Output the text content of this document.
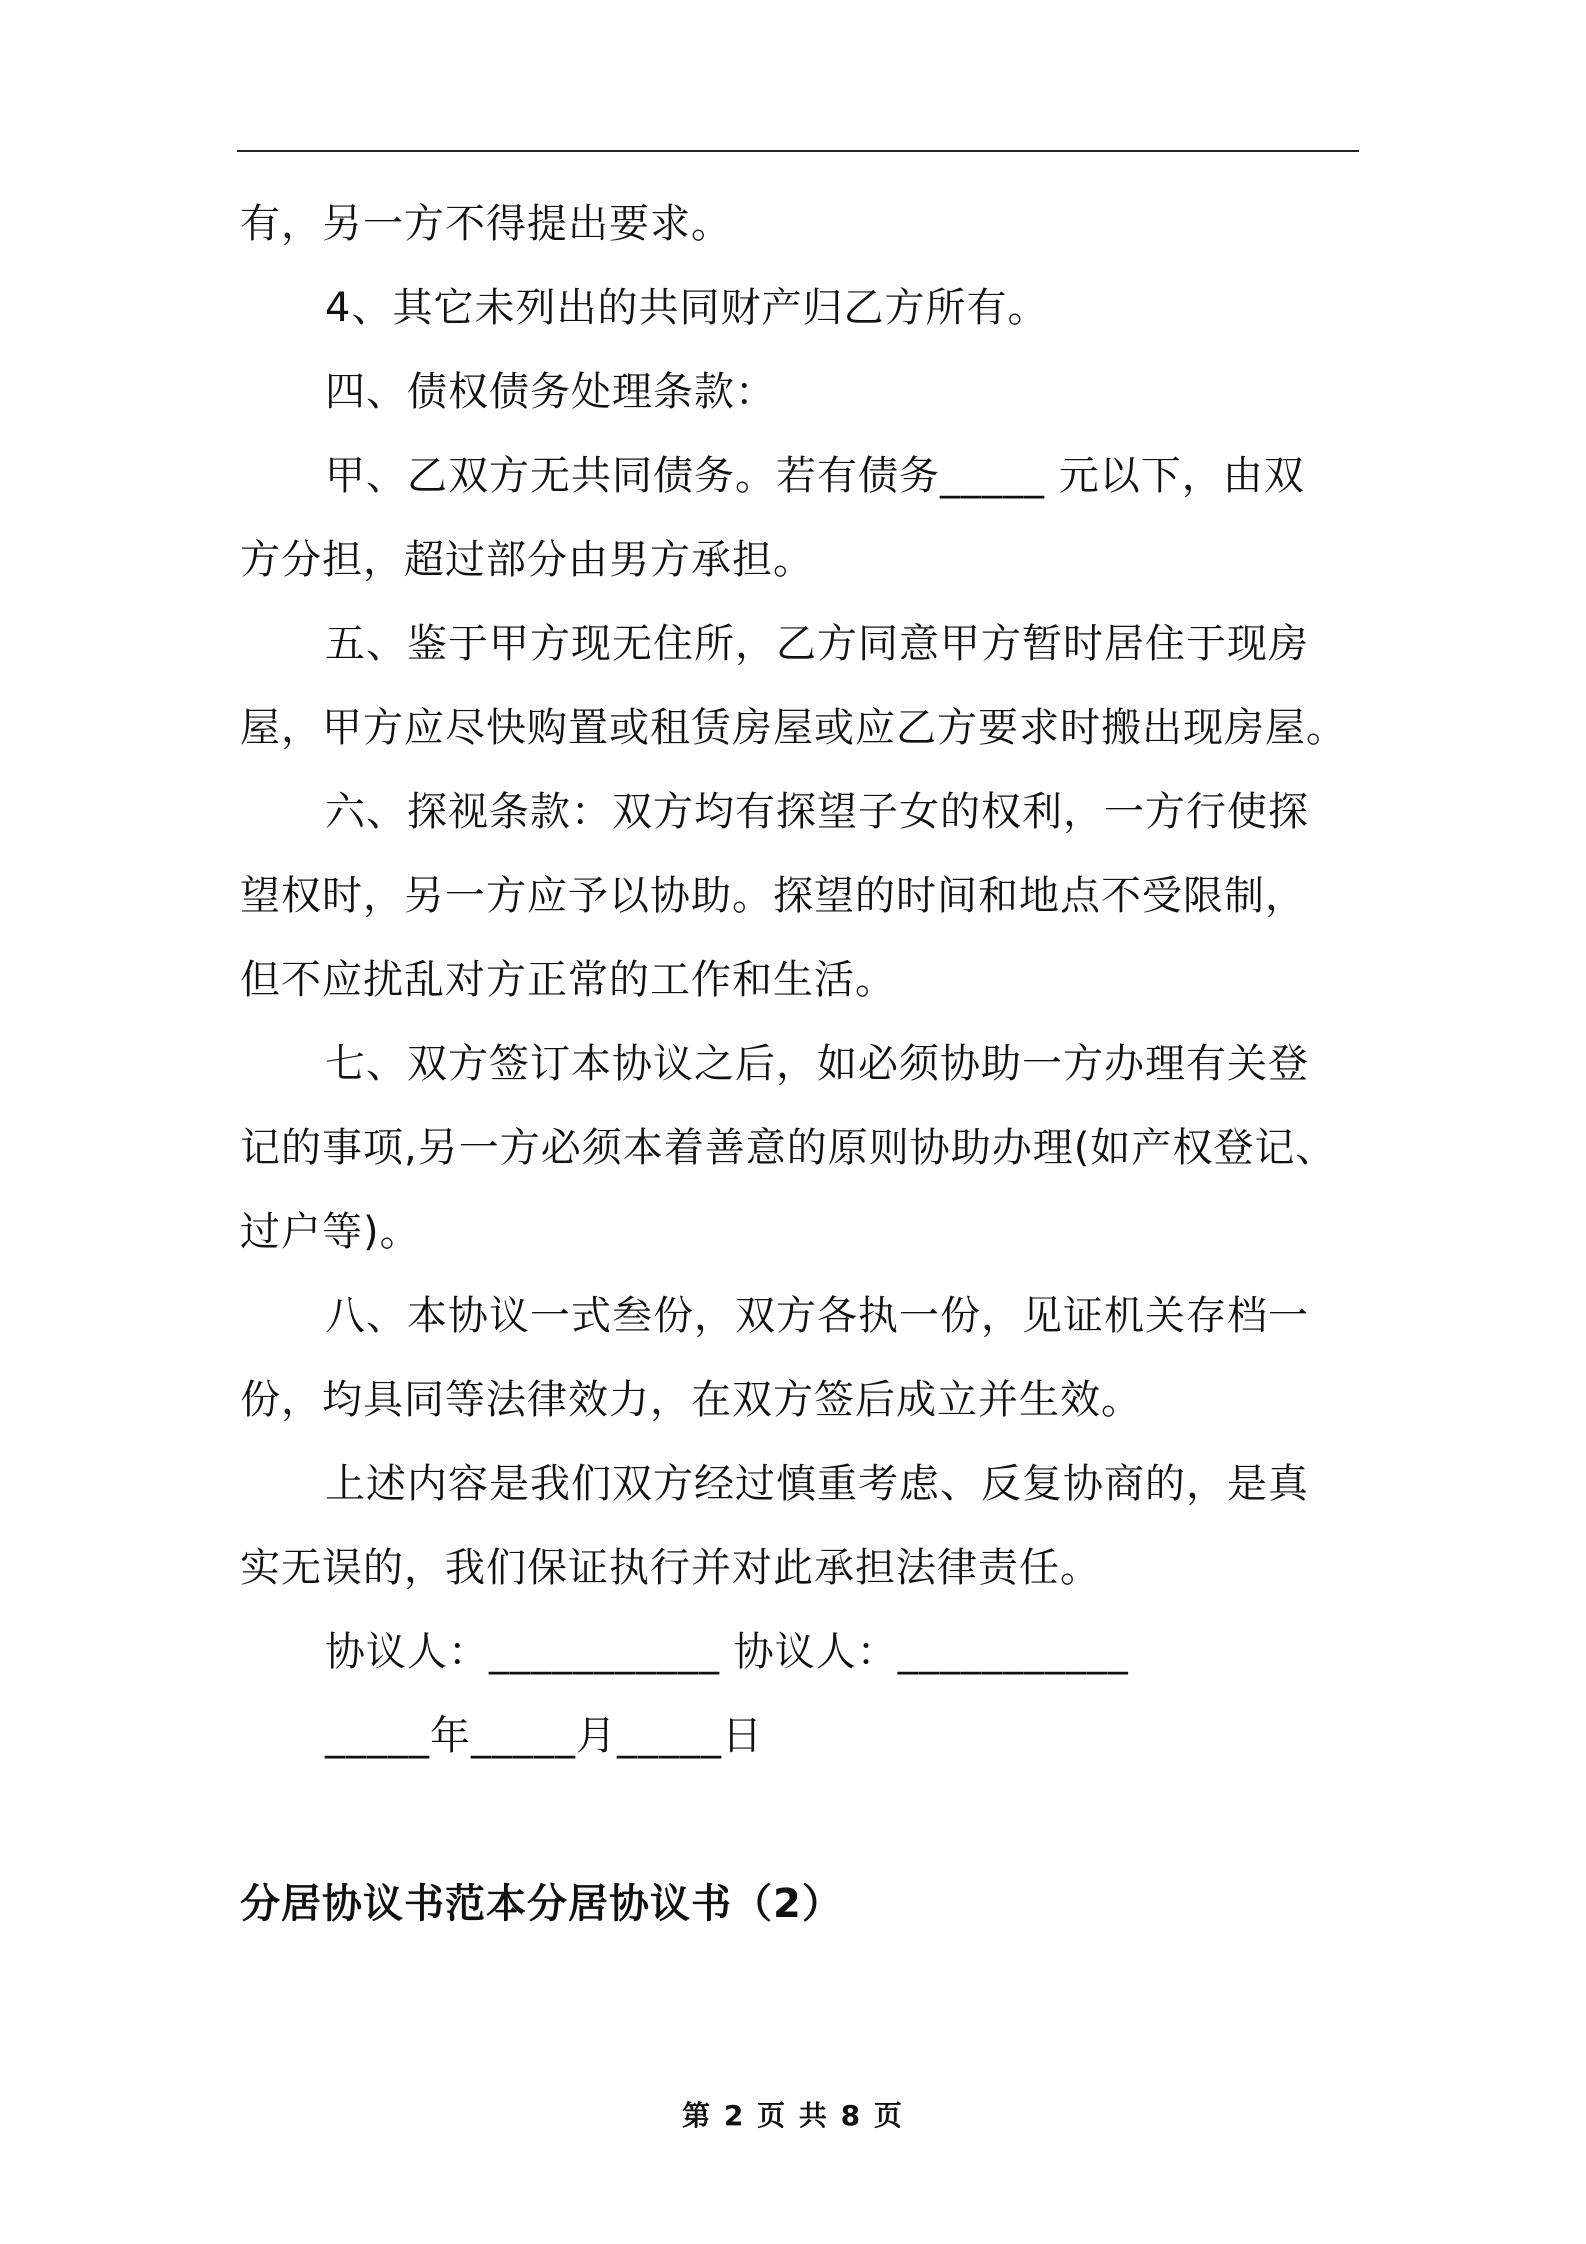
有，另一方不得提出要求。
4、其它未列出的共同财产归乙方所有。
四、债权债务处理条款：
甲、乙双方无共同债务。若有债务_____ 元以下，由双
方分担，超过部分由男方承担。
五、鉴于甲方现无住所，乙方同意甲方暂时居住于现房
屋，甲方应尽快购置或租赁房屋或应乙方要求时搬出现房屋。
六、探视条款：双方均有探望子女的权利，一方行使探
望权时，另一方应予以协助。探望的时间和地点不受限制，
但不应扰乱对方正常的工作和生活。
七、双方签订本协议之后，如必须协助一方办理有关登
记的事项,另一方必须本着善意的原则协助办理(如产权登记、
过户等)。
八、本协议一式叁份，双方各执一份，见证机关存档一
份，均具同等法律效力，在双方签后成立并生效。
上述内容是我们双方经过慎重考虑、反复协商的，是真
实无误的，我们保证执行并对此承担法律责任。
协议人：___________ 协议人：___________
_____年_____月_____日
分居协议书范本分居协议书（2）
第 2 页 共 8 页
